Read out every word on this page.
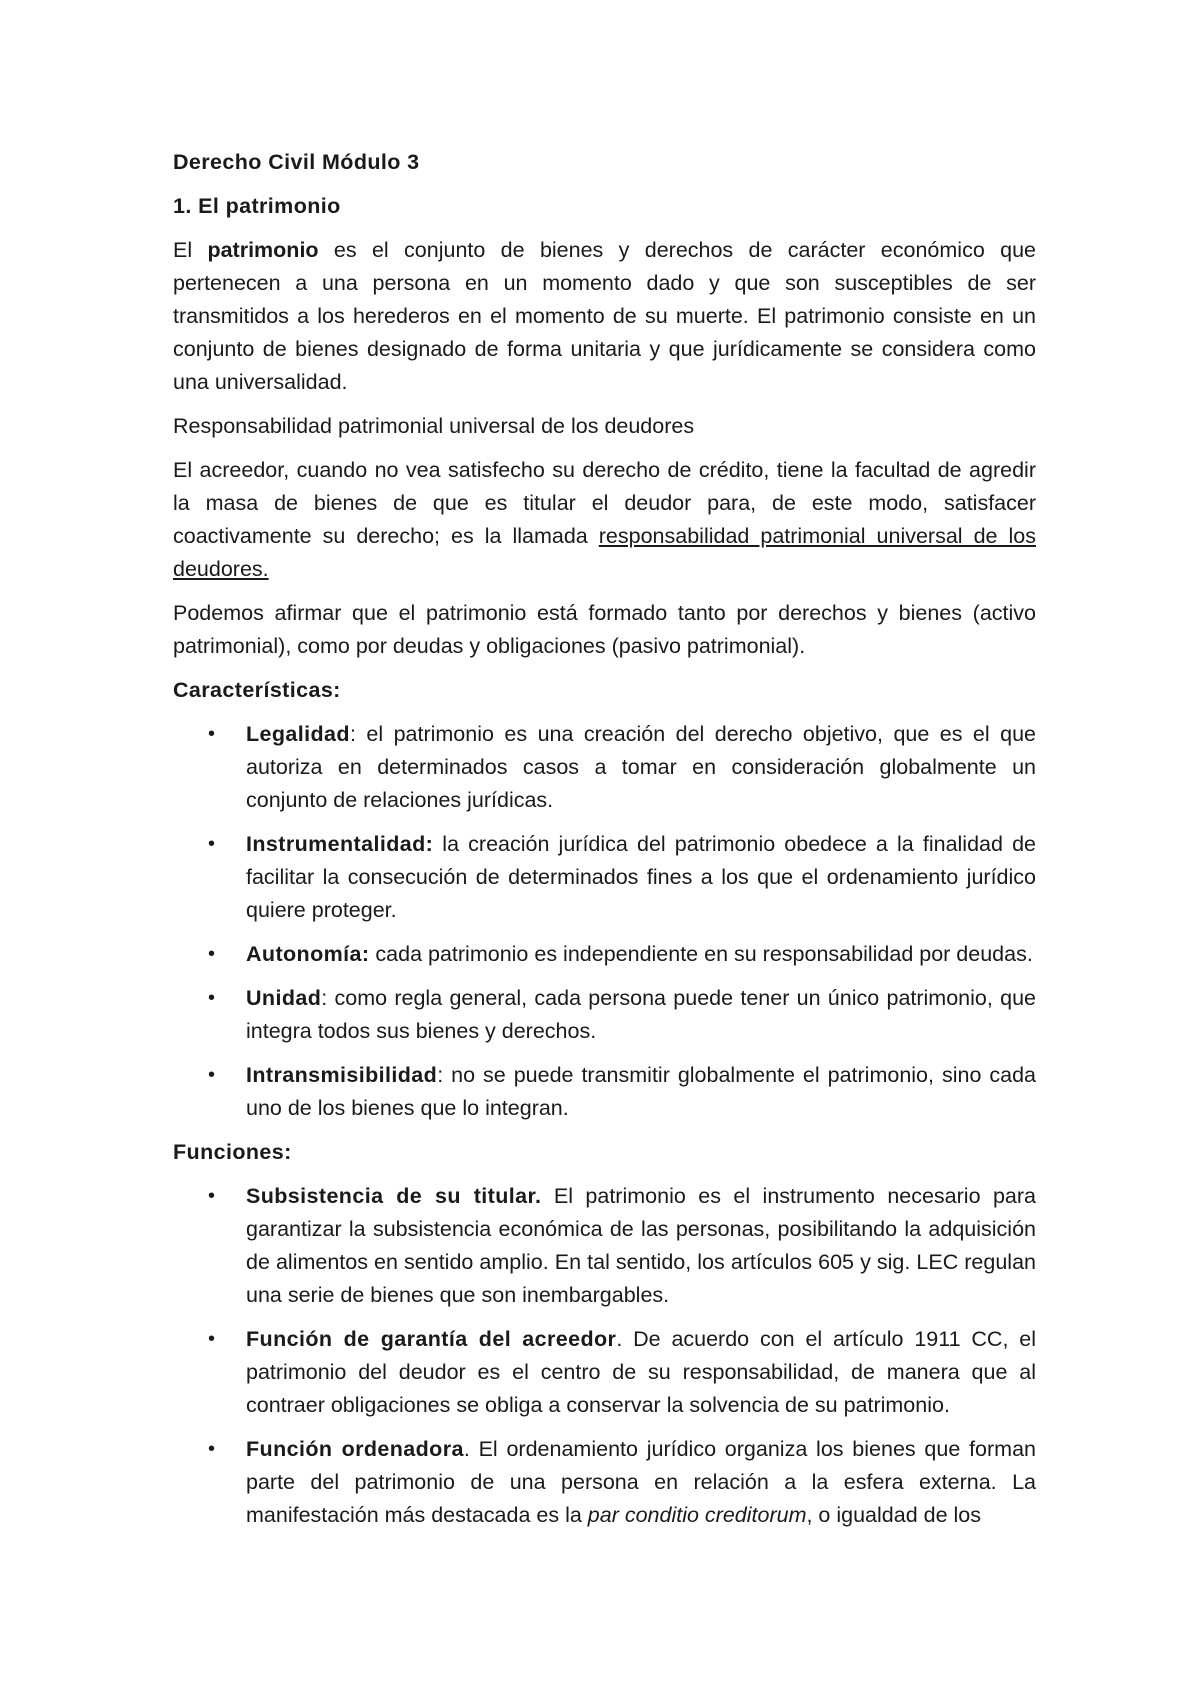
Derecho Civil Módulo 3

1. El patrimonio

El patrimonio es el conjunto de bienes y derechos de carácter económico que pertenecen a una persona en un momento dado y que son susceptibles de ser transmitidos a los herederos en el momento de su muerte. El patrimonio consiste en un conjunto de bienes designado de forma unitaria y que jurídicamente se considera como una universalidad.

Responsabilidad patrimonial universal de los deudores

El acreedor, cuando no vea satisfecho su derecho de crédito, tiene la facultad de agredir la masa de bienes de que es titular el deudor para, de este modo, satisfacer coactivamente su derecho; es la llamada responsabilidad patrimonial universal de los deudores.

Podemos afirmar que el patrimonio está formado tanto por derechos y bienes (activo patrimonial), como por deudas y obligaciones (pasivo patrimonial).

Características:

• Legalidad: el patrimonio es una creación del derecho objetivo, que es el que autoriza en determinados casos a tomar en consideración globalmente un conjunto de relaciones jurídicas.
• Instrumentalidad: la creación jurídica del patrimonio obedece a la finalidad de facilitar la consecución de determinados fines a los que el ordenamiento jurídico quiere proteger.
• Autonomía: cada patrimonio es independiente en su responsabilidad por deudas.
• Unidad: como regla general, cada persona puede tener un único patrimonio, que integra todos sus bienes y derechos.
• Intransmisibilidad: no se puede transmitir globalmente el patrimonio, sino cada uno de los bienes que lo integran.

Funciones:

• Subsistencia de su titular. El patrimonio es el instrumento necesario para garantizar la subsistencia económica de las personas, posibilitando la adquisición de alimentos en sentido amplio. En tal sentido, los artículos 605 y sig. LEC regulan una serie de bienes que son inembargables.
• Función de garantía del acreedor. De acuerdo con el artículo 1911 CC, el patrimonio del deudor es el centro de su responsabilidad, de manera que al contraer obligaciones se obliga a conservar la solvencia de su patrimonio.
• Función ordenadora. El ordenamiento jurídico organiza los bienes que forman parte del patrimonio de una persona en relación a la esfera externa. La manifestación más destacada es la par conditio creditorum, o igualdad de los
